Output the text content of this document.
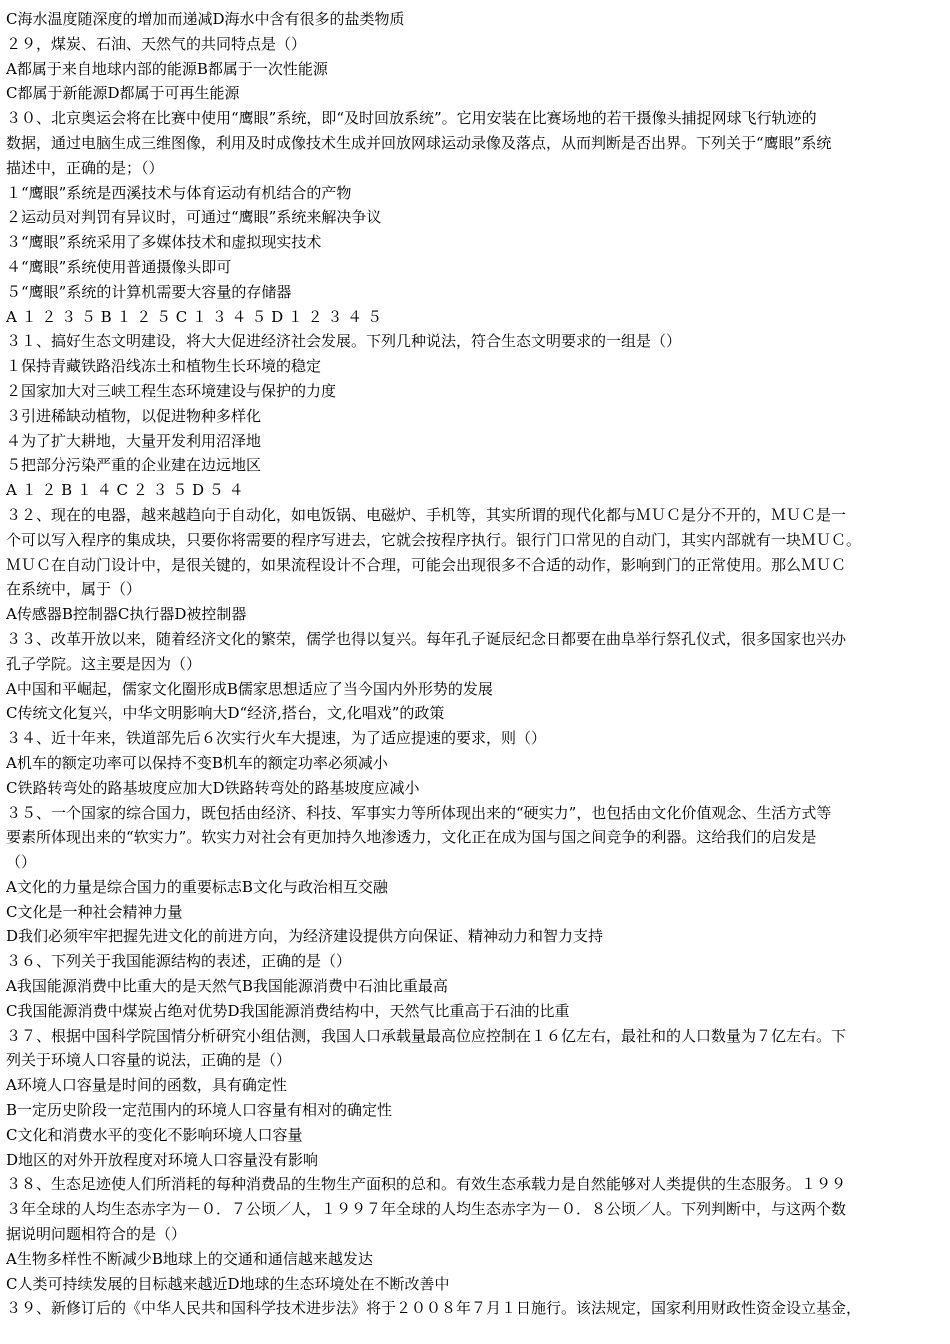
C海水温度随深度的增加而递减D海水中含有很多的盐类物质
２９，煤炭、石油、天然气的共同特点是（）
A都属于来自地球内部的能源B都属于一次性能源
C都属于新能源D都属于可再生能源
３０、北京奥运会将在比赛中使用“鹰眼”系统，即“及时回放系统”。它用安装在比赛场地的若干摄像头捕捉网球飞行轨迹的
数据，通过电脑生成三维图像，利用及时成像技术生成并回放网球运动录像及落点，从而判断是否出界。下列关于“鹰眼”系统
描述中，正确的是；（）
１“鹰眼”系统是西溪技术与体育运动有机结合的产物
２运动员对判罚有异议时，可通过“鹰眼”系统来解决争议
３“鹰眼”系统采用了多媒体技术和虚拟现实技术
４“鹰眼”系统使用普通摄像头即可
５“鹰眼”系统的计算机需要大容量的存储器
A １ ２ ３ ５ B １ ２ ５ C １ ３ ４ ５ D １ ２ ３ ４ ５
３１、搞好生态文明建设，将大大促进经济社会发展。下列几种说法，符合生态文明要求的一组是（）
１保持青藏铁路沿线冻土和植物生长环境的稳定
２国家加大对三峡工程生态环境建设与保护的力度
３引进稀缺动植物，以促进物种多样化
４为了扩大耕地，大量开发利用沼泽地
５把部分污染严重的企业建在边远地区
A １ ２ B １ ４ C ２ ３ ５ D ５ ４
３２、现在的电器，越来越趋向于自动化，如电饭锅、电磁炉、手机等，其实所谓的现代化都与ＭＵＣ是分不开的，ＭＵＣ是一
个可以写入程序的集成块，只要你将需要的程序写进去，它就会按程序执行。银行门口常见的自动门，其实内部就有一块ＭＵＣ。
ＭＵＣ在自动门设计中，是很关键的，如果流程设计不合理，可能会出现很多不合适的动作，影响到门的正常使用。那么ＭＵＣ
在系统中，属于（）
A传感器B控制器C执行器D被控制器
３３、改革开放以来，随着经济文化的繁荣，儒学也得以复兴。每年孔子诞辰纪念日都要在曲阜举行祭孔仪式，很多国家也兴办
孔子学院。这主要是因为（）
A中国和平崛起，儒家文化圈形成B儒家思想适应了当今国内外形势的发展
C传统文化复兴，中华文明影响大D“经济,搭台，文,化唱戏”的政策
３４、近十年来，铁道部先后６次实行火车大提速，为了适应提速的要求，则（）
A机车的额定功率可以保持不变B机车的额定功率必须减小
C铁路转弯处的路基坡度应加大D铁路转弯处的路基坡度应减小
３５、一个国家的综合国力，既包括由经济、科技、军事实力等所体现出来的“硬实力”，也包括由文化价值观念、生活方式等
要素所体现出来的“软实力”。软实力对社会有更加持久地渗透力，文化正在成为国与国之间竞争的利器。这给我们的启发是
（）
A文化的力量是综合国力的重要标志B文化与政治相互交融
C文化是一种社会精神力量
D我们必须牢牢把握先进文化的前进方向，为经济建设提供方向保证、精神动力和智力支持
３６、下列关于我国能源结构的表述，正确的是（）
A我国能源消费中比重大的是天然气B我国能源消费中石油比重最高
C我国能源消费中煤炭占绝对优势D我国能源消费结构中，天然气比重高于石油的比重
３７、根据中国科学院国情分析研究小组估测，我国人口承载量最高位应控制在１６亿左右，最社和的人口数量为７亿左右。下
列关于环境人口容量的说法，正确的是（）
A环境人口容量是时间的函数，具有确定性
B一定历史阶段一定范围内的环境人口容量有相对的确定性
C文化和消费水平的变化不影响环境人口容量
D地区的对外开放程度对环境人口容量没有影响
３８、生态足迹使人们所消耗的每种消费品的生物生产面积的总和。有效生态承载力是自然能够对人类提供的生态服务。１９９
３年全球的人均生态赤字为－０．７公顷／人，１９９７年全球的人均生态赤字为－０．８公顷／人。下列判断中，与这两个数
据说明问题相符合的是（）
A生物多样性不断减少B地球上的交通和通信越来越发达
C人类可持续发展的目标越来越近D地球的生态环境处在不断改善中
３９、新修订后的《中华人民共和国科学技术进步法》将于２００８年７月１日施行。该法规定，国家利用财政性资金设立基金，
